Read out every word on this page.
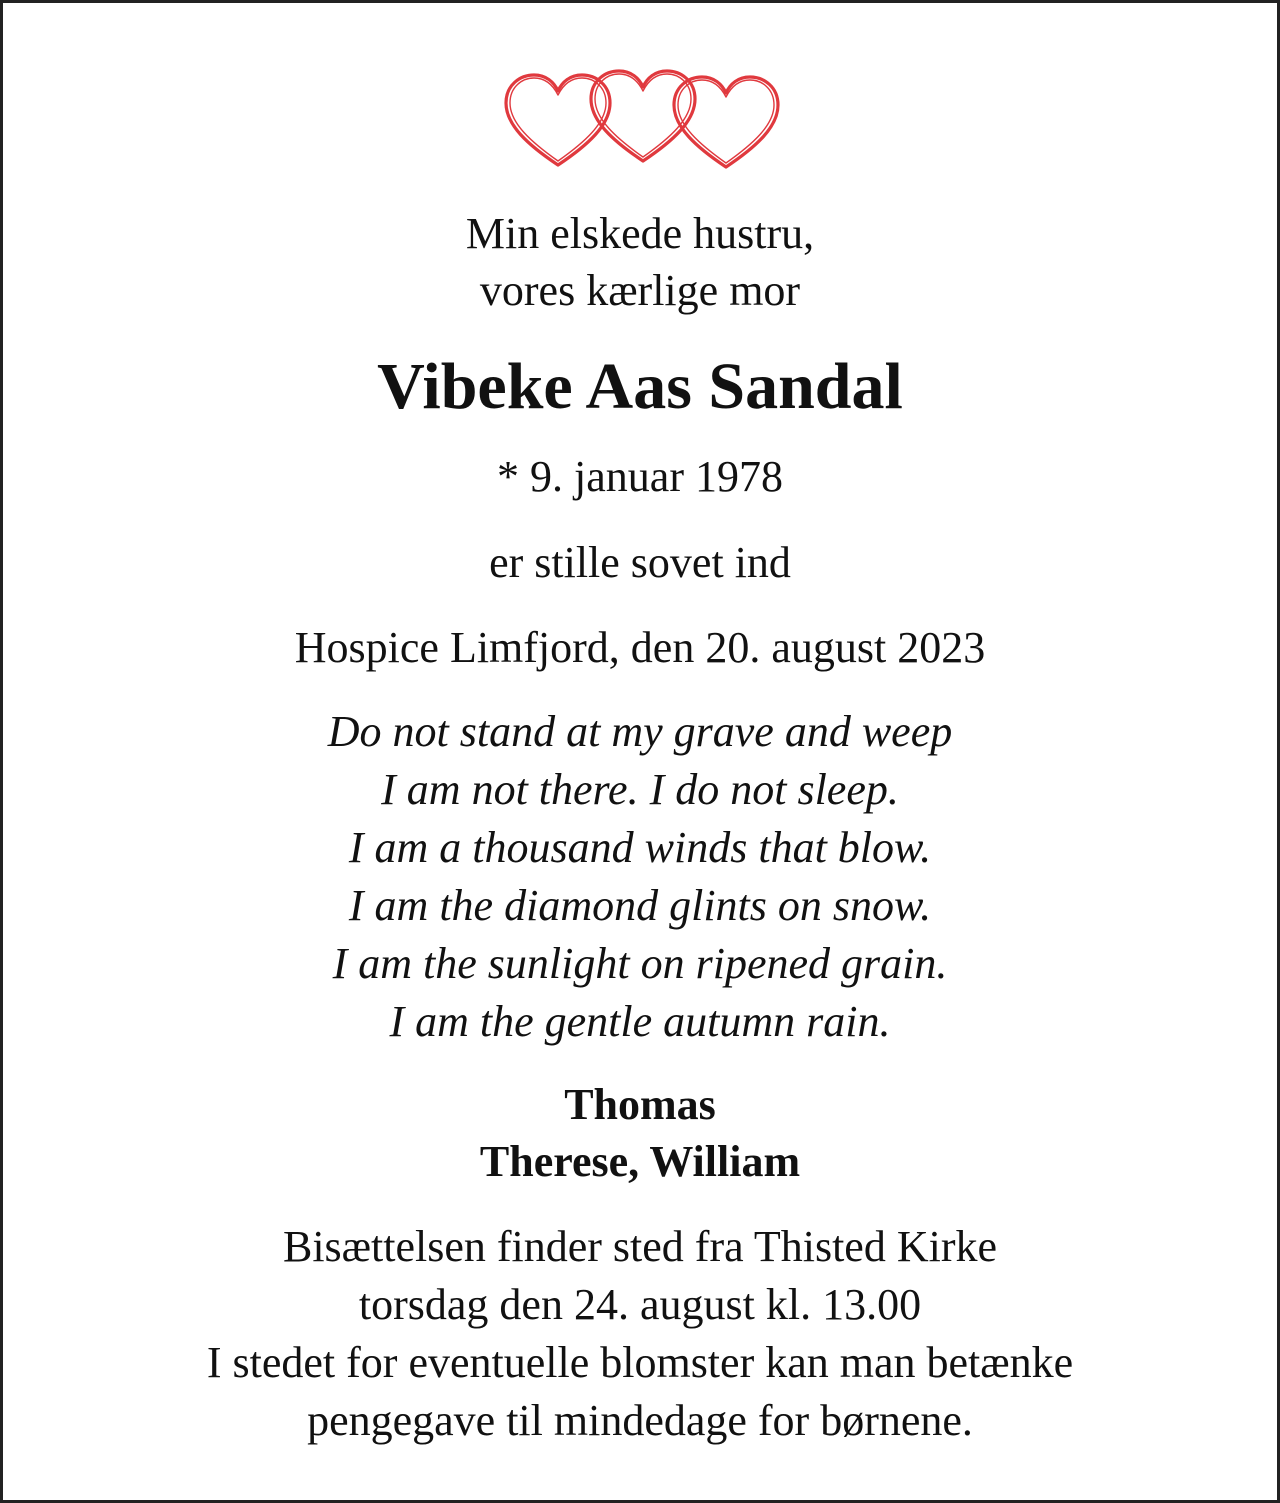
Min elskede hustru,

vores kærlige mor

Vibeke Aas Sandal

* 9. januar 1978

er stille sovet ind

Hospice Limfjord, den 20. august 2023

Do not stand at my grave and weep

I am not there. I do not sleep.

I am a thousand winds that blow.

I am the diamond glints on snow.

I am the sunlight on ripened grain.

I am the gentle autumn rain.

Thomas

Therese, William

Bisættelsen finder sted fra Thisted Kirke

torsdag den 24. august kl. 13.00

I stedet for eventuelle blomster kan man betænke

pengegave til mindedage for børnene.
